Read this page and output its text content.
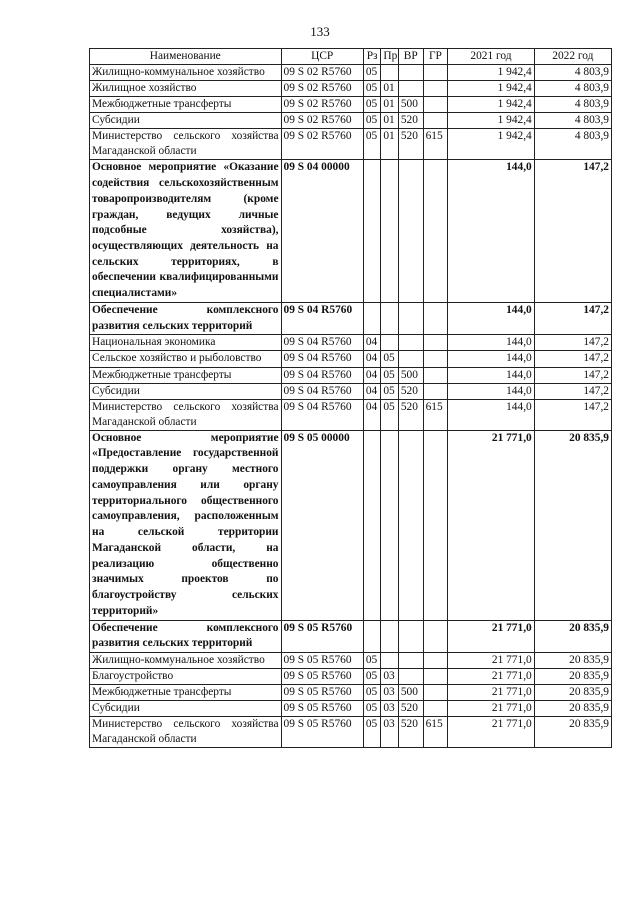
133
Наименование	ЦСР	Рз	Пр	ВР	ГР	2021 год	2022 год
Жилищно-коммунальное хозяйство	09 S 02 R5760	05				1 942,4	4 803,9
Жилищное хозяйство	09 S 02 R5760	05	01			1 942,4	4 803,9
Межбюджетные трансферты	09 S 02 R5760	05	01	500		1 942,4	4 803,9
Субсидии	09 S 02 R5760	05	01	520		1 942,4	4 803,9
Министерство сельского хозяйства Магаданской области	09 S 02 R5760	05	01	520	615	1 942,4	4 803,9
Основное мероприятие «Оказание содействия сельскохозяйственным товаропроизводителям (кроме граждан, ведущих личные подсобные хозяйства), осуществляющих деятельность на сельских территориях, в обеспечении квалифицированными специалистами»	09 S 04 00000					144,0	147,2
Обеспечение комплексного развития сельских территорий	09 S 04 R5760					144,0	147,2
Национальная экономика	09 S 04 R5760	04				144,0	147,2
Сельское хозяйство и рыболовство	09 S 04 R5760	04	05			144,0	147,2
Межбюджетные трансферты	09 S 04 R5760	04	05	500		144,0	147,2
Субсидии	09 S 04 R5760	04	05	520		144,0	147,2
Министерство сельского хозяйства Магаданской области	09 S 04 R5760	04	05	520	615	144,0	147,2
Основное мероприятие «Предоставление государственной поддержки органу местного самоуправления или органу территориального общественного самоуправления, расположенным на сельской территории Магаданской области, на реализацию общественно значимых проектов по благоустройству сельских территорий»	09 S 05 00000					21 771,0	20 835,9
Обеспечение комплексного развития сельских территорий	09 S 05 R5760					21 771,0	20 835,9
Жилищно-коммунальное хозяйство	09 S 05 R5760	05				21 771,0	20 835,9
Благоустройство	09 S 05 R5760	05	03			21 771,0	20 835,9
Межбюджетные трансферты	09 S 05 R5760	05	03	500		21 771,0	20 835,9
Субсидии	09 S 05 R5760	05	03	520		21 771,0	20 835,9
Министерство сельского хозяйства Магаданской области	09 S 05 R5760	05	03	520	615	21 771,0	20 835,9
